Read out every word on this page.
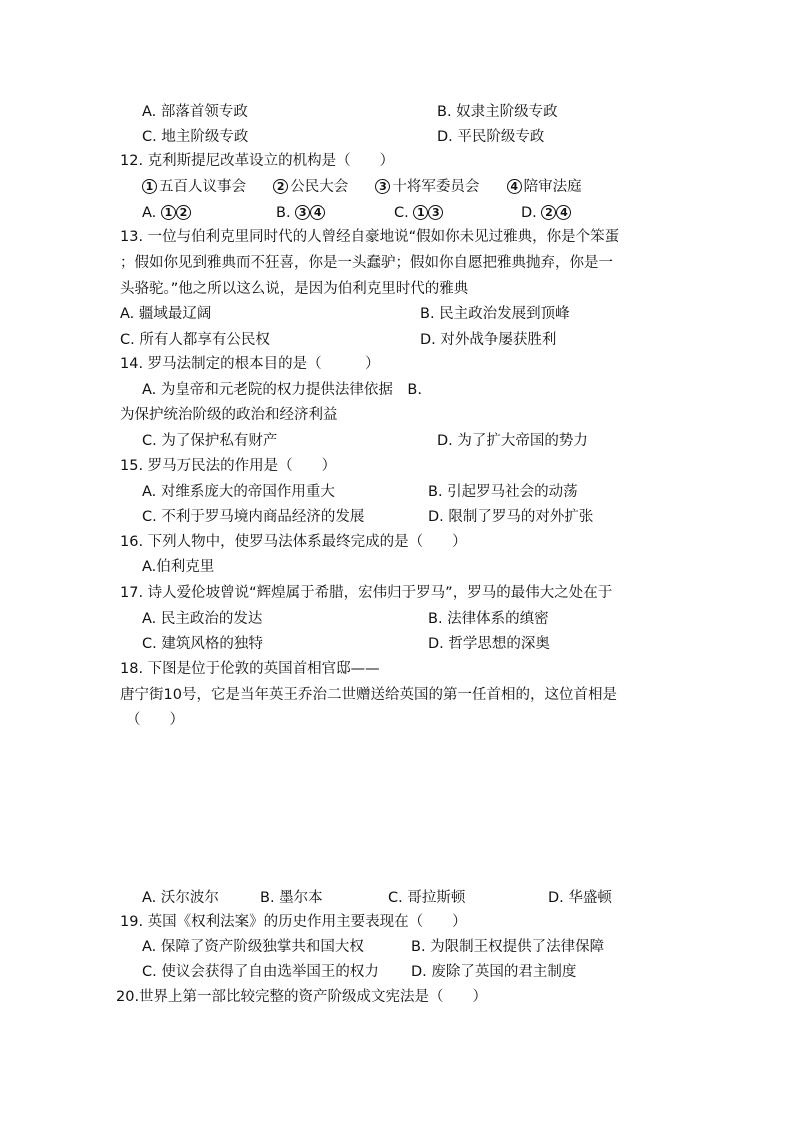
A. 部落首领专政	B. 奴隶主阶级专政
C. 地主阶级专政	D. 平民阶级专政
12. 克利斯提尼改革设立的机构是（　　）
1 五百人议事会	2 公民大会	3 十将军委员会	4 陪审法庭
A. 1 2	B. 3 4	C. 1 3	D. 2 4
13. 一位与伯利克里同时代的人曾经自豪地说“假如你未见过雅典，你是个笨蛋
；假如你见到雅典而不狂喜，你是一头蠢驴；假如你自愿把雅典抛弃，你是一
头骆驼。”他之所以这么说，是因为伯利克里时代的雅典
A. 疆域最辽阔	B. 民主政治发展到顶峰
C. 所有人都享有公民权	D. 对外战争屡获胜利
14. 罗马法制定的根本目的是（　　　）
A. 为皇帝和元老院的权力提供法律依据　B.
为保护统治阶级的政治和经济利益
C. 为了保护私有财产	D. 为了扩大帝国的势力
15. 罗马万民法的作用是（　　）
A. 对维系庞大的帝国作用重大	B. 引起罗马社会的动荡
C. 不利于罗马境内商品经济的发展	D. 限制了罗马的对外扩张
16. 下列人物中，使罗马法体系最终完成的是（　　）
A.伯利克里
17. 诗人爱伦坡曾说“辉煌属于希腊，宏伟归于罗马”，罗马的最伟大之处在于
A. 民主政治的发达	B. 法律体系的缜密
C. 建筑风格的独特	D. 哲学思想的深奥
18. 下图是位于伦敦的英国首相官邸——
唐宁街10号，它是当年英王乔治二世赠送给英国的第一任首相的，这位首相是
（　　）
A. 沃尔波尔	B. 墨尔本	C. 哥拉斯顿	D. 华盛顿
19. 英国《权利法案》的历史作用主要表现在（　　）
A. 保障了资产阶级独掌共和国大权	B. 为限制王权提供了法律保障
C. 使议会获得了自由选举国王的权力 D. 废除了英国的君主制度
20.世界上第一部比较完整的资产阶级成文宪法是（　　）
